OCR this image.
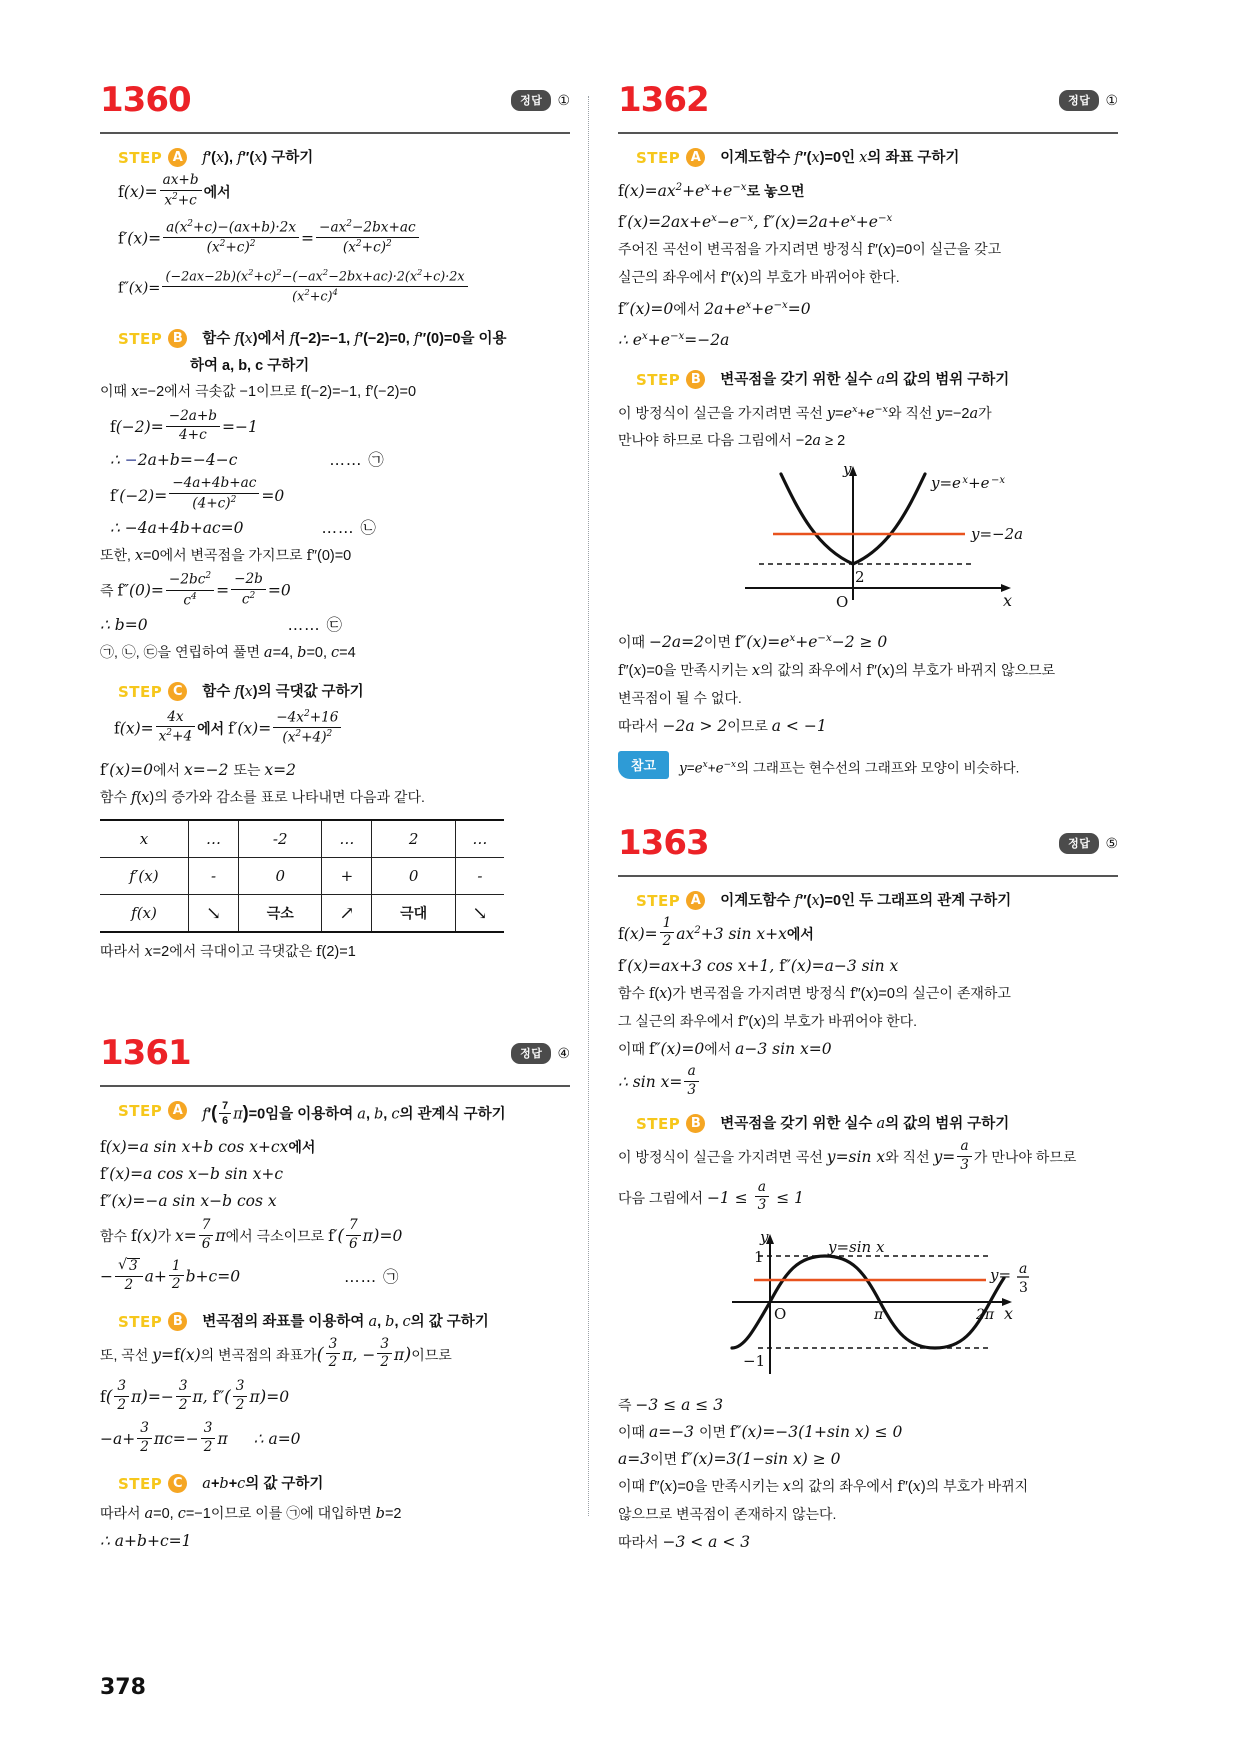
1360	정답	①
STEP A	f′(x), f″(x) 구하기
$f(x)= \frac{ax+b}{x^2+c}$ 에서
$f'(x)= \frac{a(x^2+c)-(ax+b)\cdot 2x}{(x^2+c)^2} = \frac{-ax^2-2bx+ac}{(x^2+c)^2}$
$f''(x)= \frac{(-2ax-2b)(x^2+c)^2-(-ax^2-2bx+ac)\cdot 2(x^2+c)\cdot 2x}{(x^2+c)^4}$
STEP B	함수 f(x)에서 f(−2)=−1, f′(−2)=0, f″(0)=0을 이용
하여 a, b, c 구하기
이때 x=−2에서 극솟값 −1이므로 f(−2)=−1, f′(−2)=0
$f(-2)= \frac{-2a+b}{4+c} =-1$
∴ −2a+b=−4−c	…… ㉠
$f'(-2)= \frac{-4a+4b+ac}{(4+c)^2} =0$
∴ −4a+4b+ac=0	…… ㉡
또한, x=0에서 변곡점을 가지므로 f″(0)=0
즉 $f''(0)= \frac{-2bc^2}{c^4} = \frac{-2b}{c^2} =0$
∴ b=0	…… ㉢
㉠, ㉡, ㉢을 연립하여 풀면 a=4, b=0, c=4
STEP C	함수 f(x)의 극댓값 구하기
$f(x)= \frac{4x}{x^2+4}$ 에서 $f'(x)= \frac{-4x^2+16}{(x^2+4)^2}$
f′(x)=0에서 x=−2 또는 x=2
함수 f(x)의 증가와 감소를 표로 나타내면 다음과 같다.
x	…	-2	…	2	…
f′(x)	-	0	+	0	-
f(x)	↘	극소	↗	극대	↘
따라서 x=2에서 극대이고 극댓값은 f(2)=1
1361	정답	④
STEP A	$f'( \frac{7}{6} \pi)=0$임을 이용하여 a, b, c의 관계식 구하기
f(x)=a sin x+b cos x+cx에서
f′(x)=a cos x−b sin x+c
f″(x)=−a sin x−b cos x
함수 f(x)가 $x= \frac{7}{6}$ π에서 극소이므로 $f'( \frac{7}{6} \pi)=0$
− √ $\frac{3}{2} a+ \frac{1}{2} b+c=0$	…… ㉠
STEP B	변곡점의 좌표를 이용하여 a, b, c의 값 구하기
또, 곡선 y=f(x)의 변곡점의 좌표가( $\frac{3}{2} \pi$, − $\frac{3}{2} \pi$)이므로
$f( \frac{3}{2} \pi)=- \frac{3}{2} \pi$, $f''( \frac{3}{2} \pi)=0$
$-a+ \frac{3}{2} \pi c=- \frac{3}{2}$ π ∴ a=0
STEP C	a+b+c의 값 구하기
따라서 a=0, c=−1이므로 이를 ㉠에 대입하면 b=2
∴ a+b+c=1
1362	정답	①
STEP A	이계도함수 f″(x)=0인 x의 좌표 구하기
$f(x)=ax^2+e^x+e^{-x}$로 놓으면
$f'(x)=2ax+e^x-e^{-x}$, $f''(x)=2a+e^x+e^{-x}$
주어진 곡선이 변곡점을 가지려면 방정식 f″(x)=0이 실근을 갖고
실근의 좌우에서 f″(x)의 부호가 바뀌어야 한다.
f″(x)=0에서 $2a+e^x+e^{-x}=0$
∴ $e^x+e^{-x}=-2a$
STEP B	변곡점을 갖기 위한 실수 a의 값의 범위 구하기
이 방정식이 실근을 가지려면 곡선 $y=e^x+e^{-x}$와 직선 y=−2a가
만나야 하므로 다음 그림에서 −2a ≥ 2
y
x
O
2
y=e $^x$+e $^{-x}$
y=−2a
이때 −2a=2이면 $f''(x)=e^x+e^{-x}-2 \ge 0$
f″(x)=0을 만족시키는 x의 값의 좌우에서 f″(x)의 부호가 바뀌지 않으므로
변곡점이 될 수 없다.
따라서 −2a > 2이므로 a < −1
참고	$y=e^x+e^{-x}$의 그래프는 현수선의 그래프와 모양이 비슷하다.
1363	정답	⑤
STEP A	이계도함수 f″(x)=0인 두 그래프의 관계 구하기
$f(x)= \frac{1}{2} ax^2+3$ sin x+x에서
f′(x)=ax+3 cos x+1, f″(x)=a−3 sin x
함수 f(x)가 변곡점을 가지려면 방정식 f″(x)=0의 실근이 존재하고
그 실근의 좌우에서 f″(x)의 부호가 바뀌어야 한다.
이때 f″(x)=0에서 a−3 sin x=0
∴ $\sin x= \frac{a}{3}$
STEP B	변곡점을 갖기 위한 실수 a의 값의 범위 구하기
이 방정식이 실근을 가지려면 곡선 y=sin x와 직선 $y= \frac{a}{3}$ 가 만나야 하므로
다음 그림에서 $-1 \le \frac{a}{3} \le 1$
y
x
O
1
−1
π	2π
y=sin x
y= a
3
즉 −3 ≤ a ≤ 3
이때 a=−3 이면 f″(x)=−3(1+sin x) ≤ 0
a=3이면 f″(x)=3(1−sin x) ≥ 0
이때 f″(x)=0을 만족시키는 x의 값의 좌우에서 f″(x)의 부호가 바뀌지
않으므로 변곡점이 존재하지 않는다.
따라서 −3 < a < 3
378
